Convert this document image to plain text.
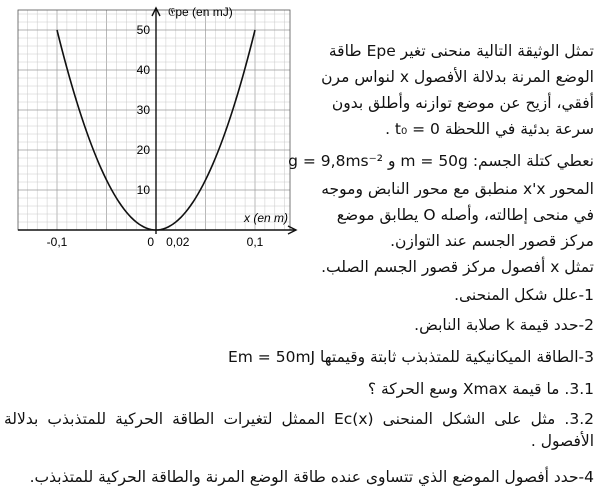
10
20
30
40
50
-0,1	0 0,02	0,1
𝔈pe (en mJ)
x (en m)
تمثل الوثيقة التالية منحنى تغير Epe طاقة
الوضع المرنة بدلالة الأفصول x لنواس مرن
أفقي، أزيح عن موضع توازنه وأطلق بدون
سرعة بدئية في اللحظة t₀ = 0 .
نعطي كتلة الجسم: m = 50g و g = 9,8ms⁻²
المحور x'x منطبق مع محور النابض وموجه
في منحى إطالته، وأصله O يطابق موضع
مركز قصور الجسم عند التوازن.
تمثل x أفصول مركز قصور الجسم الصلب.
1-علل شكل المنحنى.
2-حدد قيمة k صلابة النابض.
3-الطاقة الميكانيكية للمتذبذب ثابتة وقيمتها Em = 50mJ
3.1. ما قيمة Xmax وسع الحركة ؟
3.2. مثل على الشكل المنحنى Ec(x) الممثل لتغيرات الطاقة الحركية للمتذبذب بدلالة الأفصول .
4-حدد أفصول الموضع الذي تتساوى عنده طاقة الوضع المرنة والطاقة الحركية للمتذبذب.
